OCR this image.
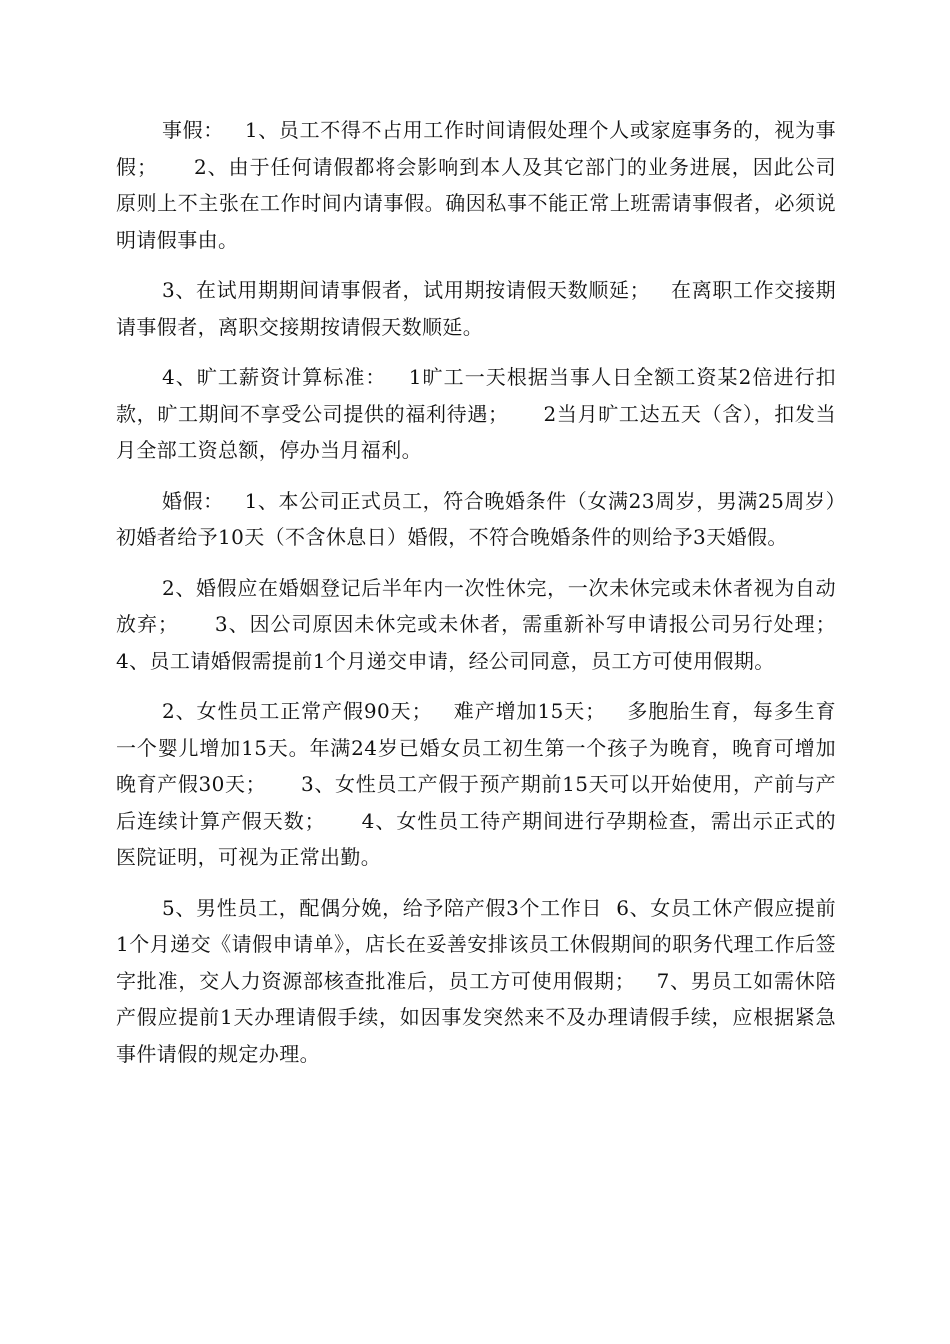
事假：   1、员工不得不占用工作时间请假处理个人或家庭事务的，视为事假；     2、由于任何请假都将会影响到本人及其它部门的业务进展，因此公司原则上不主张在工作时间内请事假。确因私事不能正常上班需请事假者，必须说明请假事由。

3、在试用期期间请事假者，试用期按请假天数顺延；   在离职工作交接期请事假者，离职交接期按请假天数顺延。

4、旷工薪资计算标准：   1旷工一天根据当事人日全额工资某2倍进行扣款，旷工期间不享受公司提供的福利待遇；     2当月旷工达五天（含），扣发当月全部工资总额，停办当月福利。

婚假：   1、本公司正式员工，符合晚婚条件（女满23周岁，男满25周岁）初婚者给予10天（不含休息日）婚假，不符合晚婚条件的则给予3天婚假。

2、婚假应在婚姻登记后半年内一次性休完，一次未休完或未休者视为自动放弃；     3、因公司原因未休完或未休者，需重新补写申请报公司另行处理；     4、员工请婚假需提前1个月递交申请，经公司同意，员工方可使用假期。

2、女性员工正常产假90天；   难产增加15天；   多胞胎生育，每多生育一个婴儿增加15天。年满24岁已婚女员工初生第一个孩子为晚育，晚育可增加晚育产假30天；     3、女性员工产假于预产期前15天可以开始使用，产前与产后连续计算产假天数；     4、女性员工待产期间进行孕期检查，需出示正式的医院证明，可视为正常出勤。

5、男性员工，配偶分娩，给予陪产假3个工作日  6、女员工休产假应提前1个月递交《请假申请单》，店长在妥善安排该员工休假期间的职务代理工作后签字批准，交人力资源部核查批准后，员工方可使用假期；   7、男员工如需休陪产假应提前1天办理请假手续，如因事发突然来不及办理请假手续，应根据紧急事件请假的规定办理。
